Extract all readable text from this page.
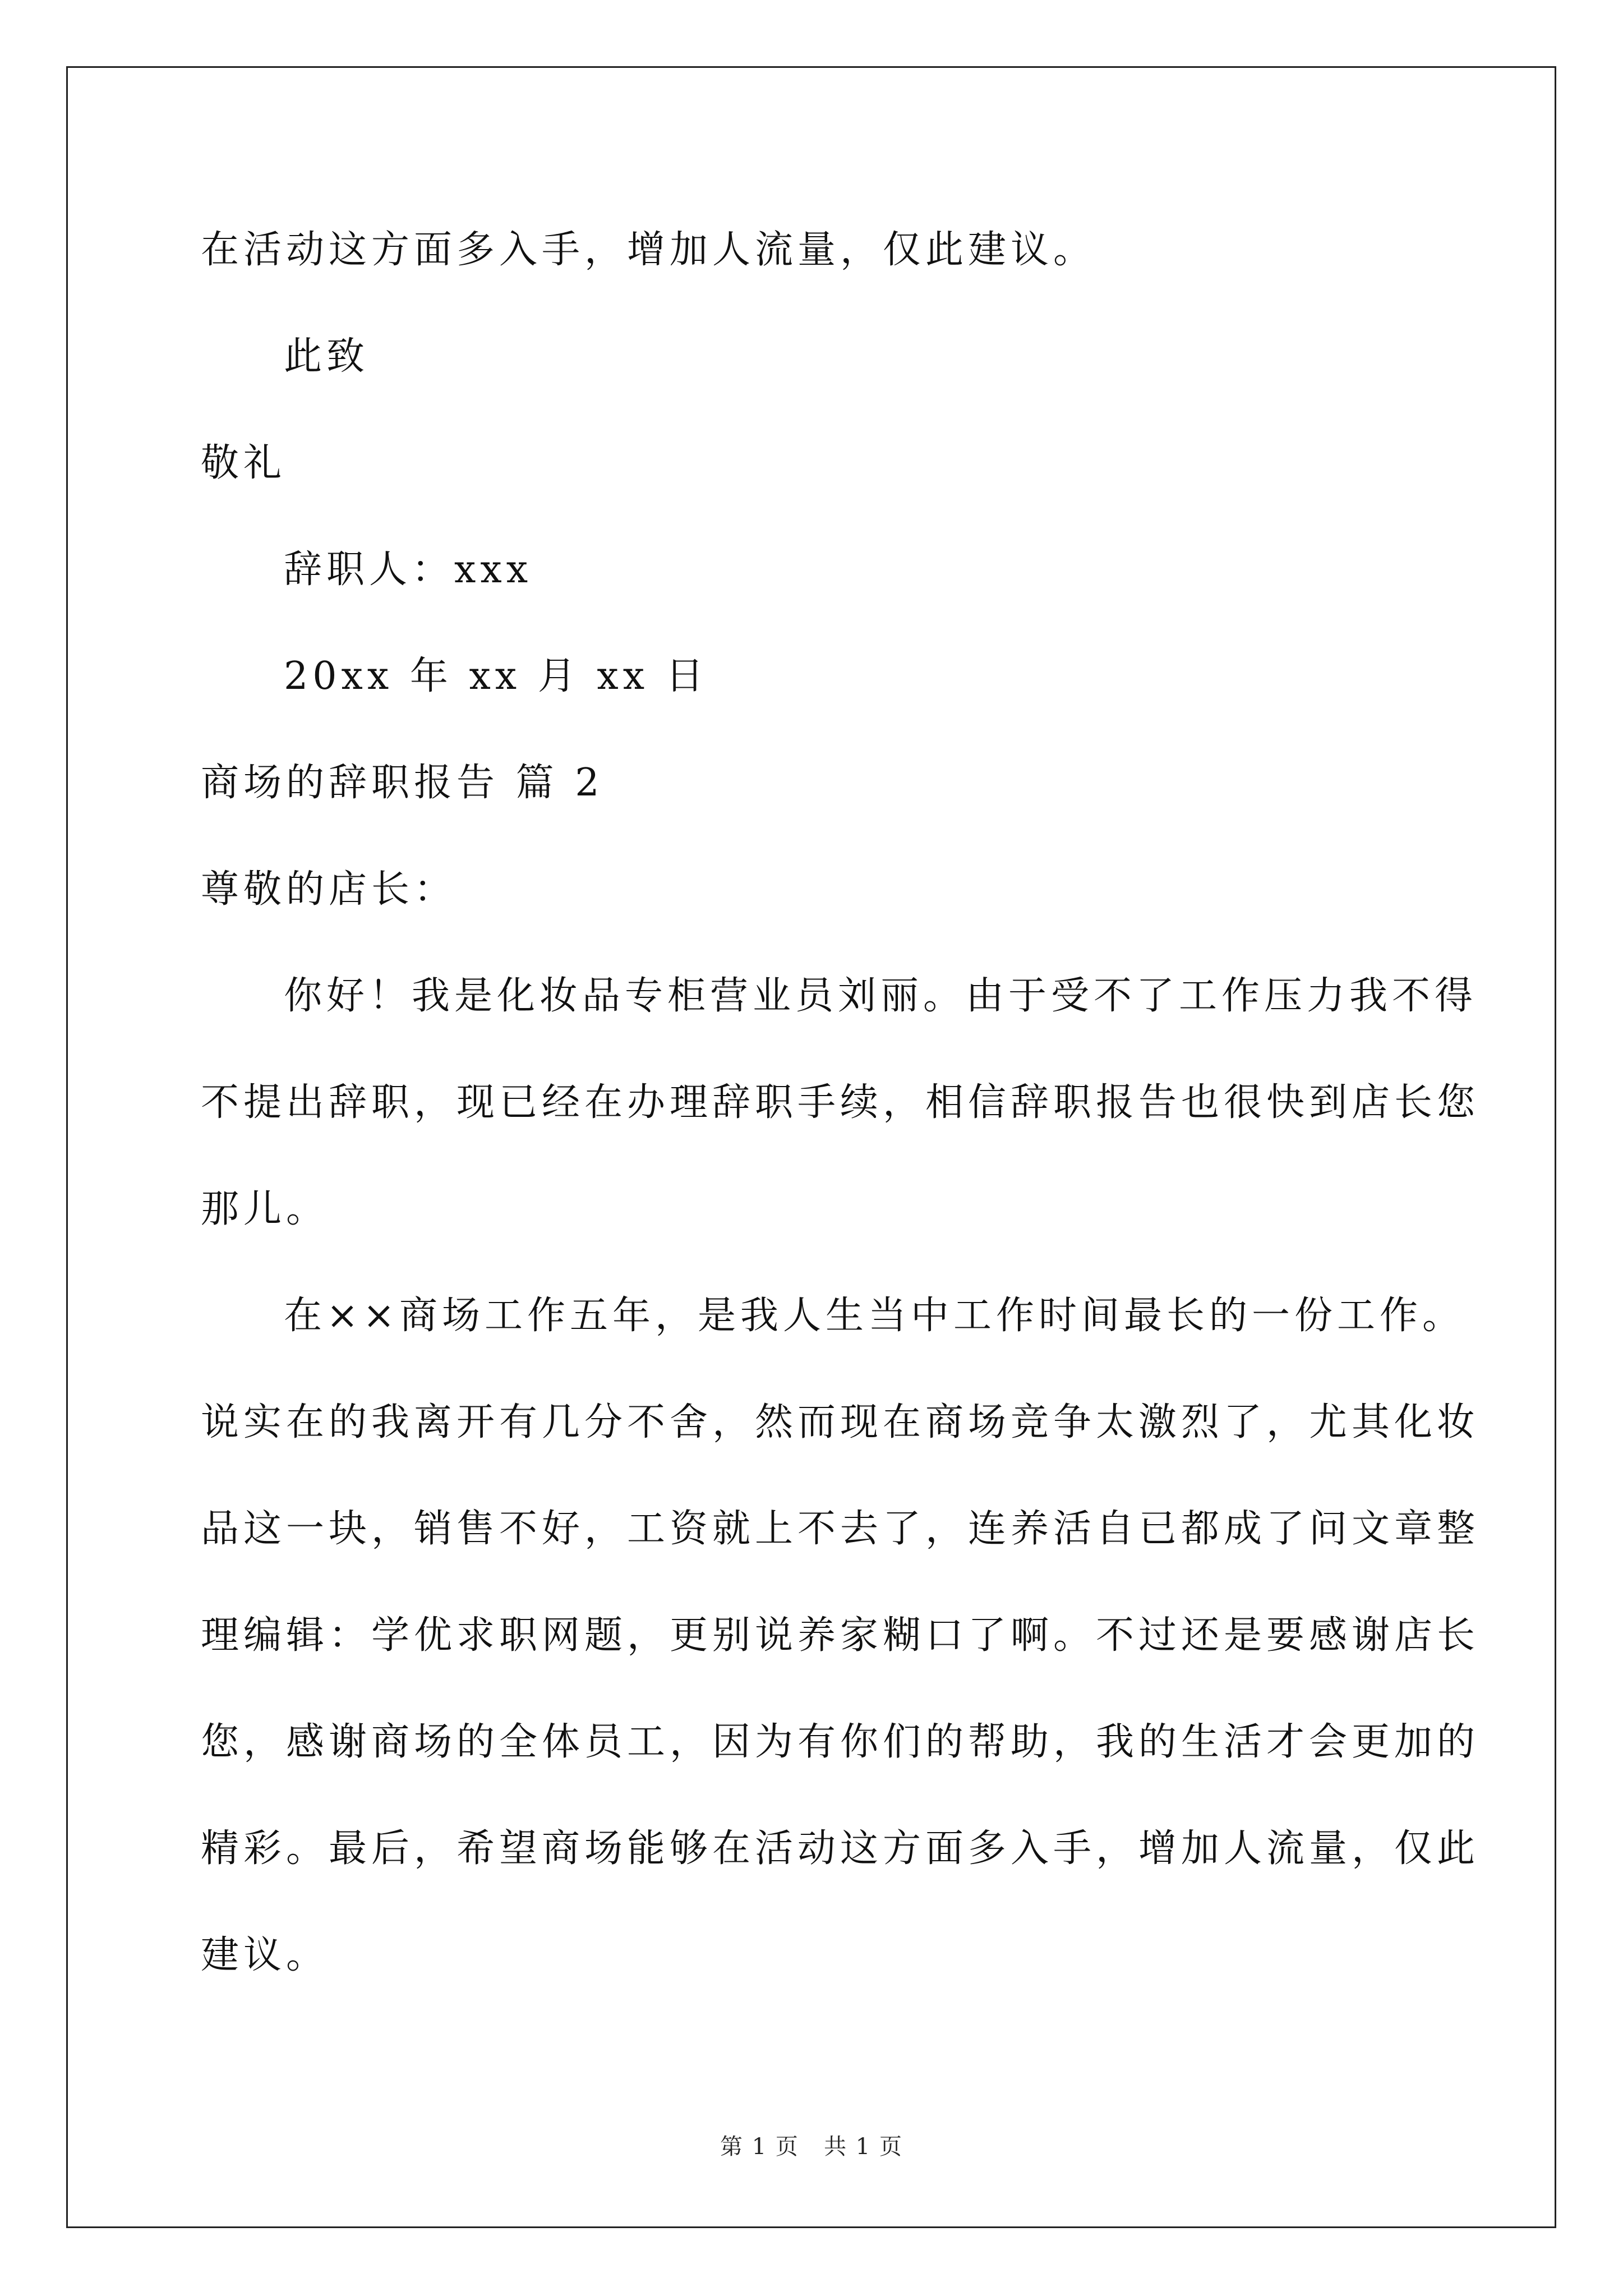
在活动这方面多入手，增加人流量，仅此建议。
此致
敬礼
辞职人：xxx
20xx 年 xx 月 xx 日
商场的辞职报告 篇 2
尊敬的店长：
你好！我是化妆品专柜营业员刘丽。由于受不了工作压力我不得
不提出辞职，现已经在办理辞职手续，相信辞职报告也很快到店长您
那儿。
在××商场工作五年，是我人生当中工作时间最长的一份工作。
说实在的我离开有几分不舍，然而现在商场竞争太激烈了，尤其化妆
品这一块，销售不好，工资就上不去了，连养活自已都成了问文章整
理编辑：学优求职网题，更别说养家糊口了啊。不过还是要感谢店长
您，感谢商场的全体员工，因为有你们的帮助，我的生活才会更加的
精彩。最后，希望商场能够在活动这方面多入手，增加人流量，仅此
建议。
第 1 页   共 1 页
